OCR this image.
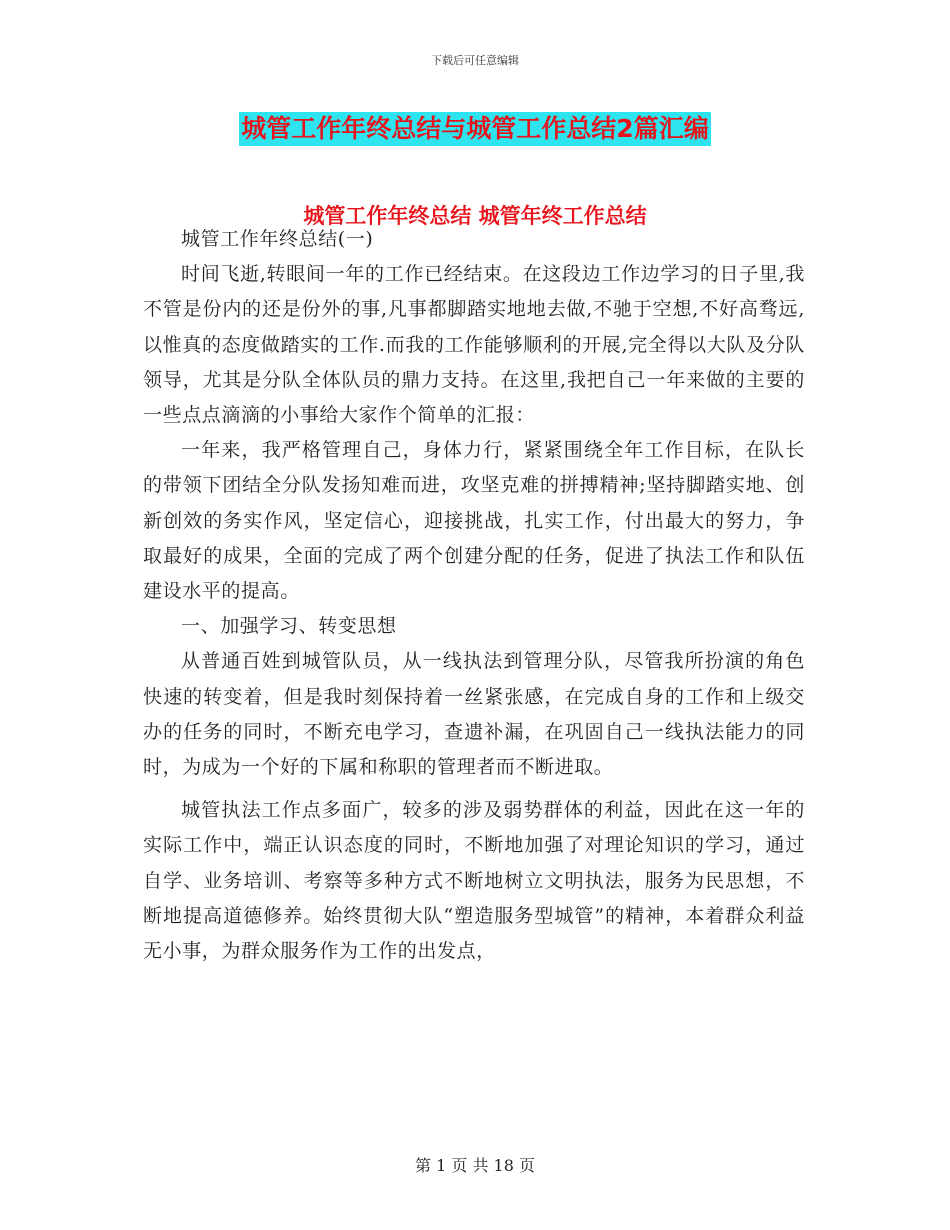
下载后可任意编辑
城管工作年终总结与城管工作总结2篇汇编
城管工作年终总结 城管年终工作总结

城管工作年终总结(一)

时间飞逝,转眼间一年的工作已经结束。在这段边工作边学习的日子里,我不管是份内的还是份外的事,凡事都脚踏实地地去做,不驰于空想,不好高骛远,以惟真的态度做踏实的工作.而我的工作能够顺利的开展,完全得以大队及分队领导，尤其是分队全体队员的鼎力支持。在这里,我把自己一年来做的主要的一些点点滴滴的小事给大家作个简单的汇报：

一年来，我严格管理自己，身体力行，紧紧围绕全年工作目标，在队长的带领下团结全分队发扬知难而进，攻坚克难的拼搏精神;坚持脚踏实地、创新创效的务实作风，坚定信心，迎接挑战，扎实工作，付出最大的努力，争取最好的成果，全面的完成了两个创建分配的任务，促进了执法工作和队伍建设水平的提高。

一、加强学习、转变思想

从普通百姓到城管队员，从一线执法到管理分队，尽管我所扮演的角色快速的转变着，但是我时刻保持着一丝紧张感，在完成自身的工作和上级交办的任务的同时，不断充电学习，查遗补漏，在巩固自己一线执法能力的同时，为成为一个好的下属和称职的管理者而不断进取。

城管执法工作点多面广，较多的涉及弱势群体的利益，因此在这一年的实际工作中，端正认识态度的同时，不断地加强了对理论知识的学习，通过自学、业务培训、考察等多种方式不断地树立文明执法，服务为民思想，不断地提高道德修养。始终贯彻大队“塑造服务型城管”的精神，本着群众利益无小事，为群众服务作为工作的出发点，

第 1 页 共 18 页
